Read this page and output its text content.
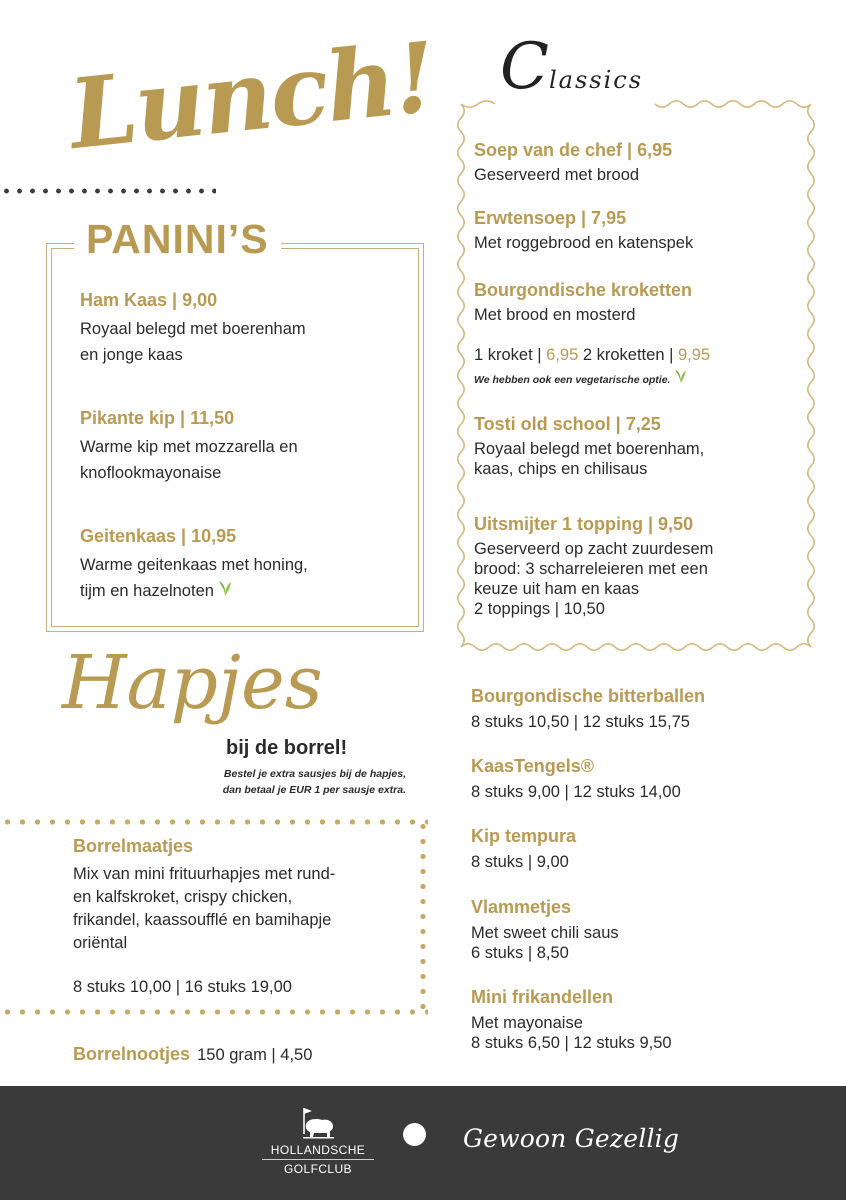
Lunch!
PANINI’S
Ham Kaas | 9,00
Royaal belegd met boerenham
en jonge kaas
Pikante kip | 11,50
Warme kip met mozzarella en
knoflookmayonaise
Geitenkaas | 10,95
Warme geitenkaas met honing,
tijm en hazelnoten
Classics
Soep van de chef | 6,95
Geserveerd met brood
Erwtensoep | 7,95
Met roggebrood en katenspek
Bourgondische kroketten
Met brood en mosterd
1 kroket | 6,95 2 kroketten | 9,95
We hebben ook een vegetarische optie.
Tosti old school | 7,25
Royaal belegd met boerenham,
kaas, chips en chilisaus
Uitsmijter 1 topping | 9,50
Geserveerd op zacht zuurdesem
brood: 3 scharreleieren met een
keuze uit ham en kaas
2 toppings | 10,50
Hapjes
bij de borrel!
Bestel je extra sausjes bij de hapjes,
dan betaal je EUR 1 per sausje extra.
Borrelmaatjes
Mix van mini frituurhapjes met rund-
en kalfskroket, crispy chicken,
frikandel, kaassoufflé en bamihapje
oriëntal
8 stuks 10,00 | 16 stuks 19,00
Borrelnootjes 150 gram | 4,50
Bourgondische bitterballen
8 stuks 10,50 | 12 stuks 15,75
KaasTengels®
8 stuks 9,00 | 12 stuks 14,00
Kip tempura
8 stuks | 9,00
Vlammetjes
Met sweet chili saus
6 stuks | 8,50
Mini frikandellen
Met mayonaise
8 stuks 6,50 | 12 stuks 9,50
HOLLANDSCHE
GOLFCLUB
Gewoon Gezellig
